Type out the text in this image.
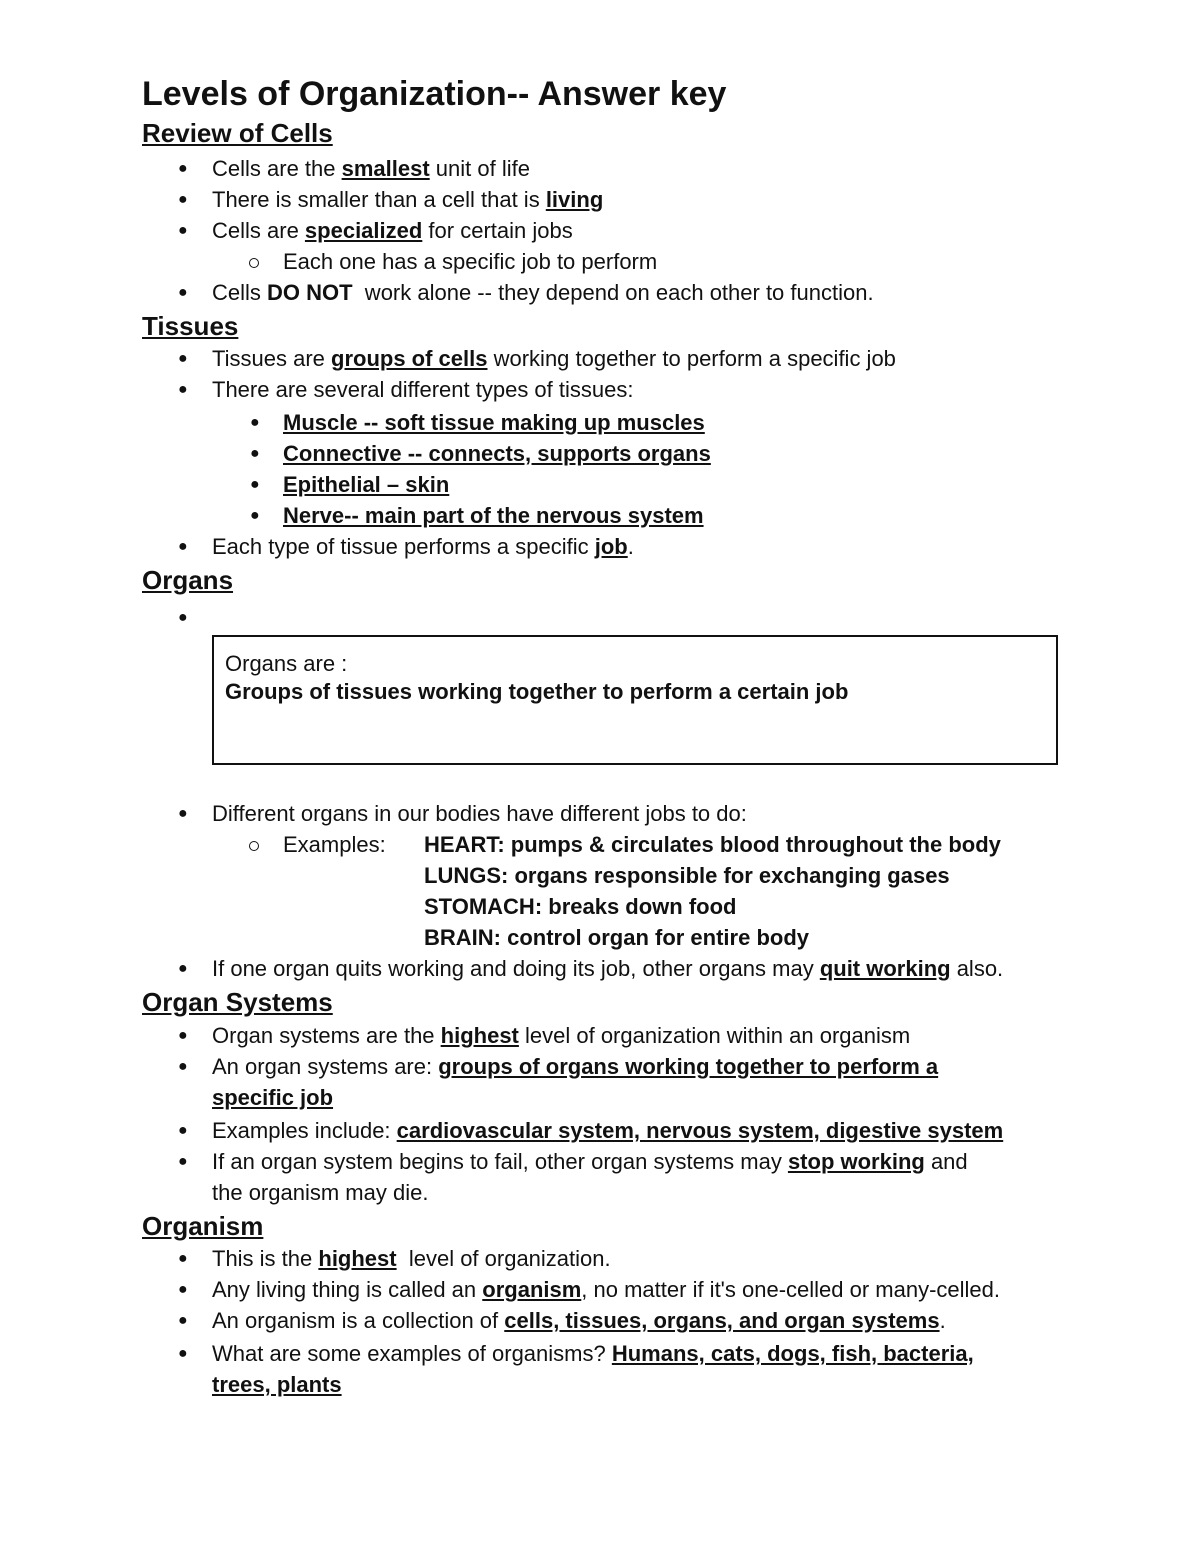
Levels of Organization-- Answer key
Review of Cells
● Cells are the smallest unit of life
● There is smaller than a cell that is living
● Cells are specialized for certain jobs
Each one has a specific job to perform
● Cells DO NOT  work alone -- they depend on each other to function.
Tissues
● Tissues are groups of cells working together to perform a specific job
● There are several different types of tissues:
● Muscle -- soft tissue making up muscles
● Connective -- connects, supports organs
● Epithelial – skin
● Nerve-- main part of the nervous system
● Each type of tissue performs a specific job.
Organs
●
Organs are :
Groups of tissues working together to perform a certain job
● Different organs in our bodies have different jobs to do:
Examples: HEART: pumps & circulates blood throughout the body
LUNGS: organs responsible for exchanging gases
STOMACH: breaks down food
BRAIN: control organ for entire body
● If one organ quits working and doing its job, other organs may quit working also.
Organ Systems
● Organ systems are the highest level of organization within an organism
● An organ systems are: groups of organs working together to perform a
specific job
● Examples include: cardiovascular system, nervous system, digestive system
● If an organ system begins to fail, other organ systems may stop working and
the organism may die.
Organism
● This is the highest  level of organization.
● Any living thing is called an organism, no matter if it's one-celled or many-celled.
● An organism is a collection of cells, tissues, organs, and organ systems.
● What are some examples of organisms? Humans, cats, dogs, fish, bacteria,
trees, plants
